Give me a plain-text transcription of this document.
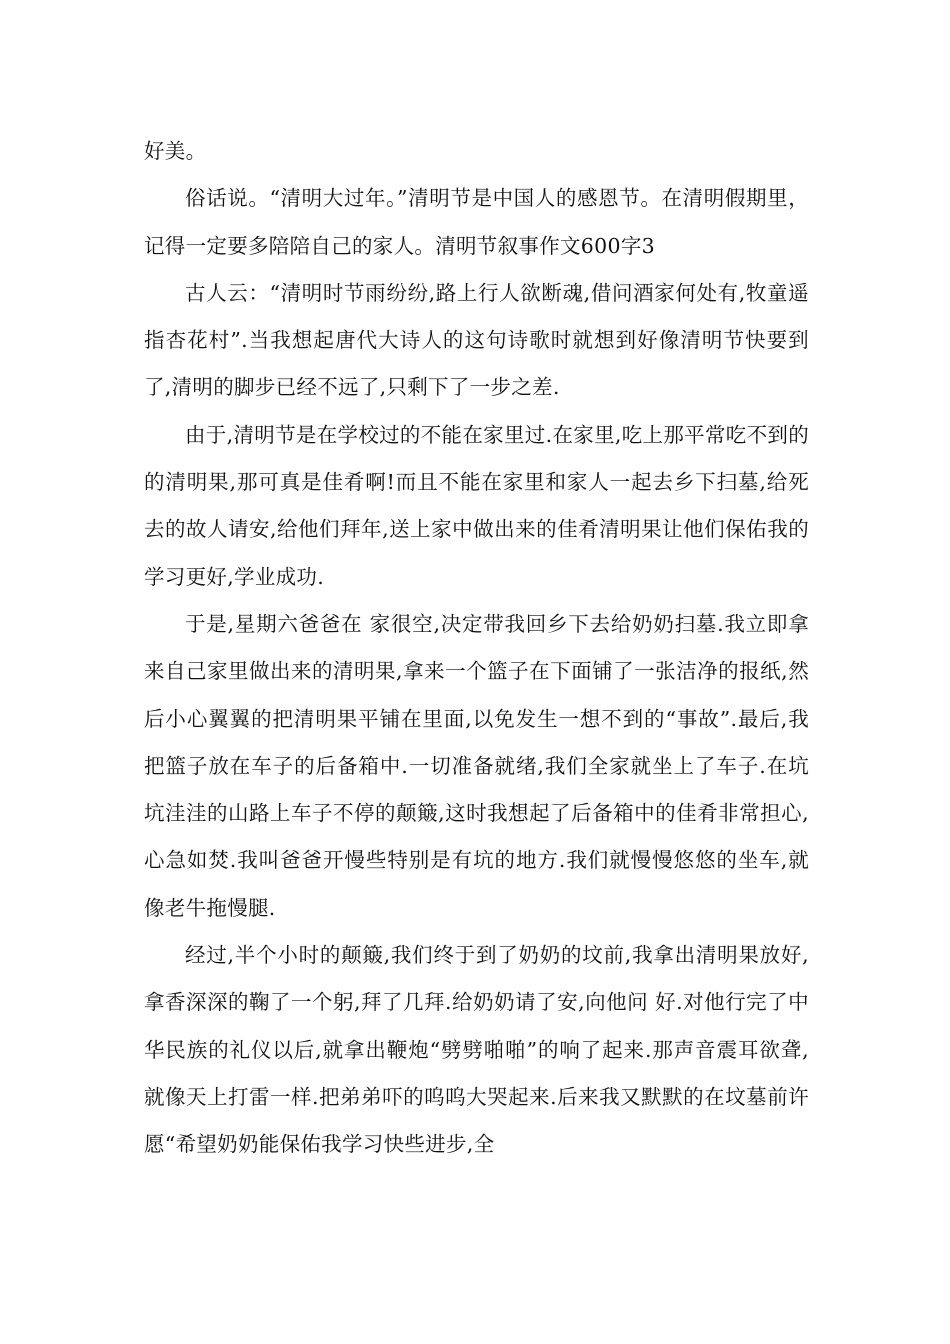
好美。

俗话说。“清明大过年。”清明节是中国人的感恩节。在清明假期里，记得一定要多陪陪自己的家人。清明节叙事作文600字3

古人云：“清明时节雨纷纷,路上行人欲断魂,借问酒家何处有,牧童遥指杏花村”.当我想起唐代大诗人的这句诗歌时就想到好像清明节快要到了,清明的脚步已经不远了,只剩下了一步之差.

由于,清明节是在学校过的不能在家里过.在家里,吃上那平常吃不到的的清明果,那可真是佳肴啊!而且不能在家里和家人一起去乡下扫墓,给死去的故人请安,给他们拜年,送上家中做出来的佳肴清明果让他们保佑我的学习更好,学业成功.

于是,星期六爸爸在 家很空,决定带我回乡下去给奶奶扫墓.我立即拿来自己家里做出来的清明果,拿来一个篮子在下面铺了一张洁净的报纸,然后小心翼翼的把清明果平铺在里面,以免发生一想不到的“事故”.最后,我把篮子放在车子的后备箱中.一切准备就绪,我们全家就坐上了车子.在坑坑洼洼的山路上车子不停的颠簸,这时我想起了后备箱中的佳肴非常担心,心急如焚.我叫爸爸开慢些特别是有坑的地方.我们就慢慢悠悠的坐车,就像老牛拖慢腿.

经过,半个小时的颠簸,我们终于到了奶奶的坟前,我拿出清明果放好,拿香深深的鞠了一个躬,拜了几拜.给奶奶请了安,向他问 好.对他行完了中华民族的礼仪以后,就拿出鞭炮“劈劈啪啪”的响了起来.那声音震耳欲聋,就像天上打雷一样.把弟弟吓的呜呜大哭起来.后来我又默默的在坟墓前许愿“希望奶奶能保佑我学习快些进步,全
